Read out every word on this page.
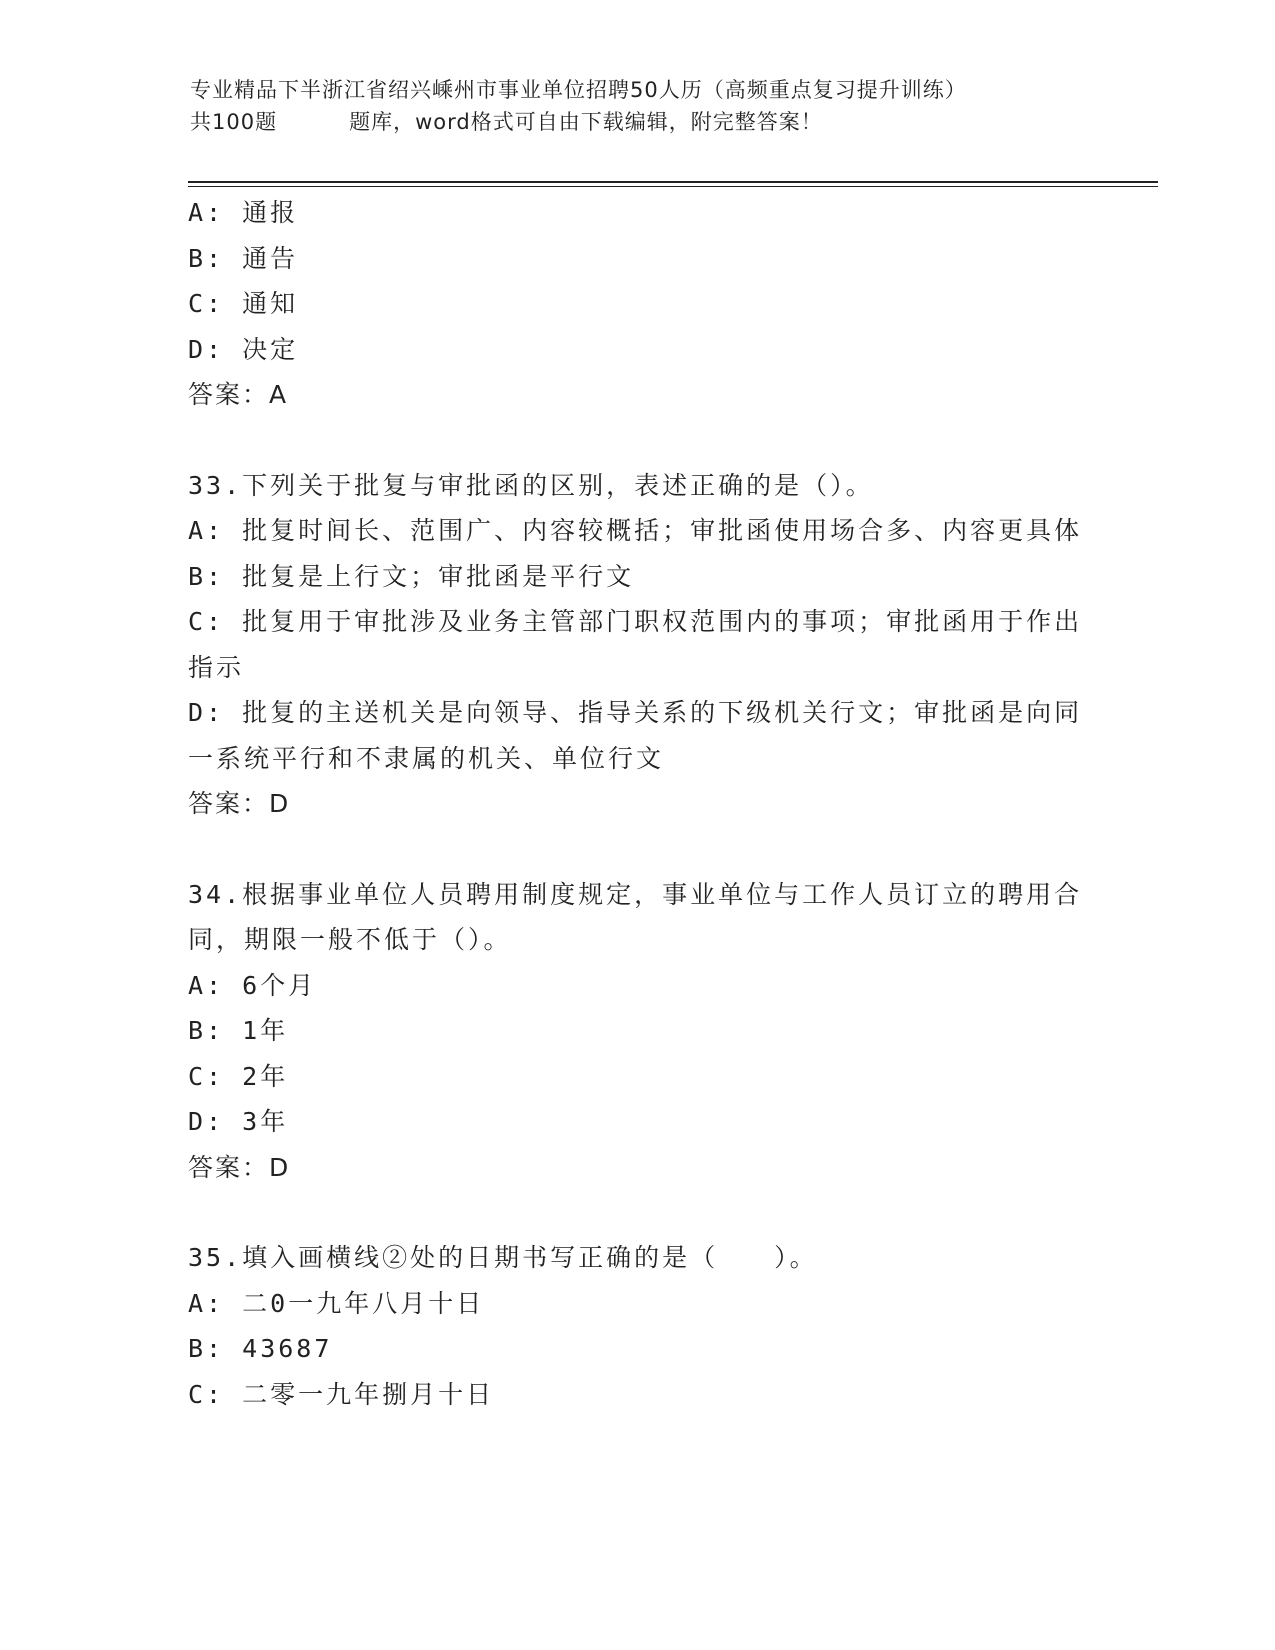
专业精品下半浙江省绍兴嵊州市事业单位招聘50人历（高频重点复习提升训练）
共100题	题库，word格式可自由下载编辑，附完整答案！
A: 通报
B: 通告
C: 通知
D: 决定
答案：A
33.下列关于批复与审批函的区别，表述正确的是（）。
A: 批复时间长、范围广、内容较概括；审批函使用场合多、内容更具体
B: 批复是上行文；审批函是平行文
C: 批复用于审批涉及业务主管部门职权范围内的事项；审批函用于作出指示
D: 批复的主送机关是向领导、指导关系的下级机关行文；审批函是向同一系统平行和不隶属的机关、单位行文
答案：D
34.根据事业单位人员聘用制度规定，事业单位与工作人员订立的聘用合同，期限一般不低于（）。
A: 6个月
B: 1年
C: 2年
D: 3年
答案：D
35.填入画横线②处的日期书写正确的是（　　）。
A: 二0一九年八月十日
B: 43687
C: 二零一九年捌月十日
